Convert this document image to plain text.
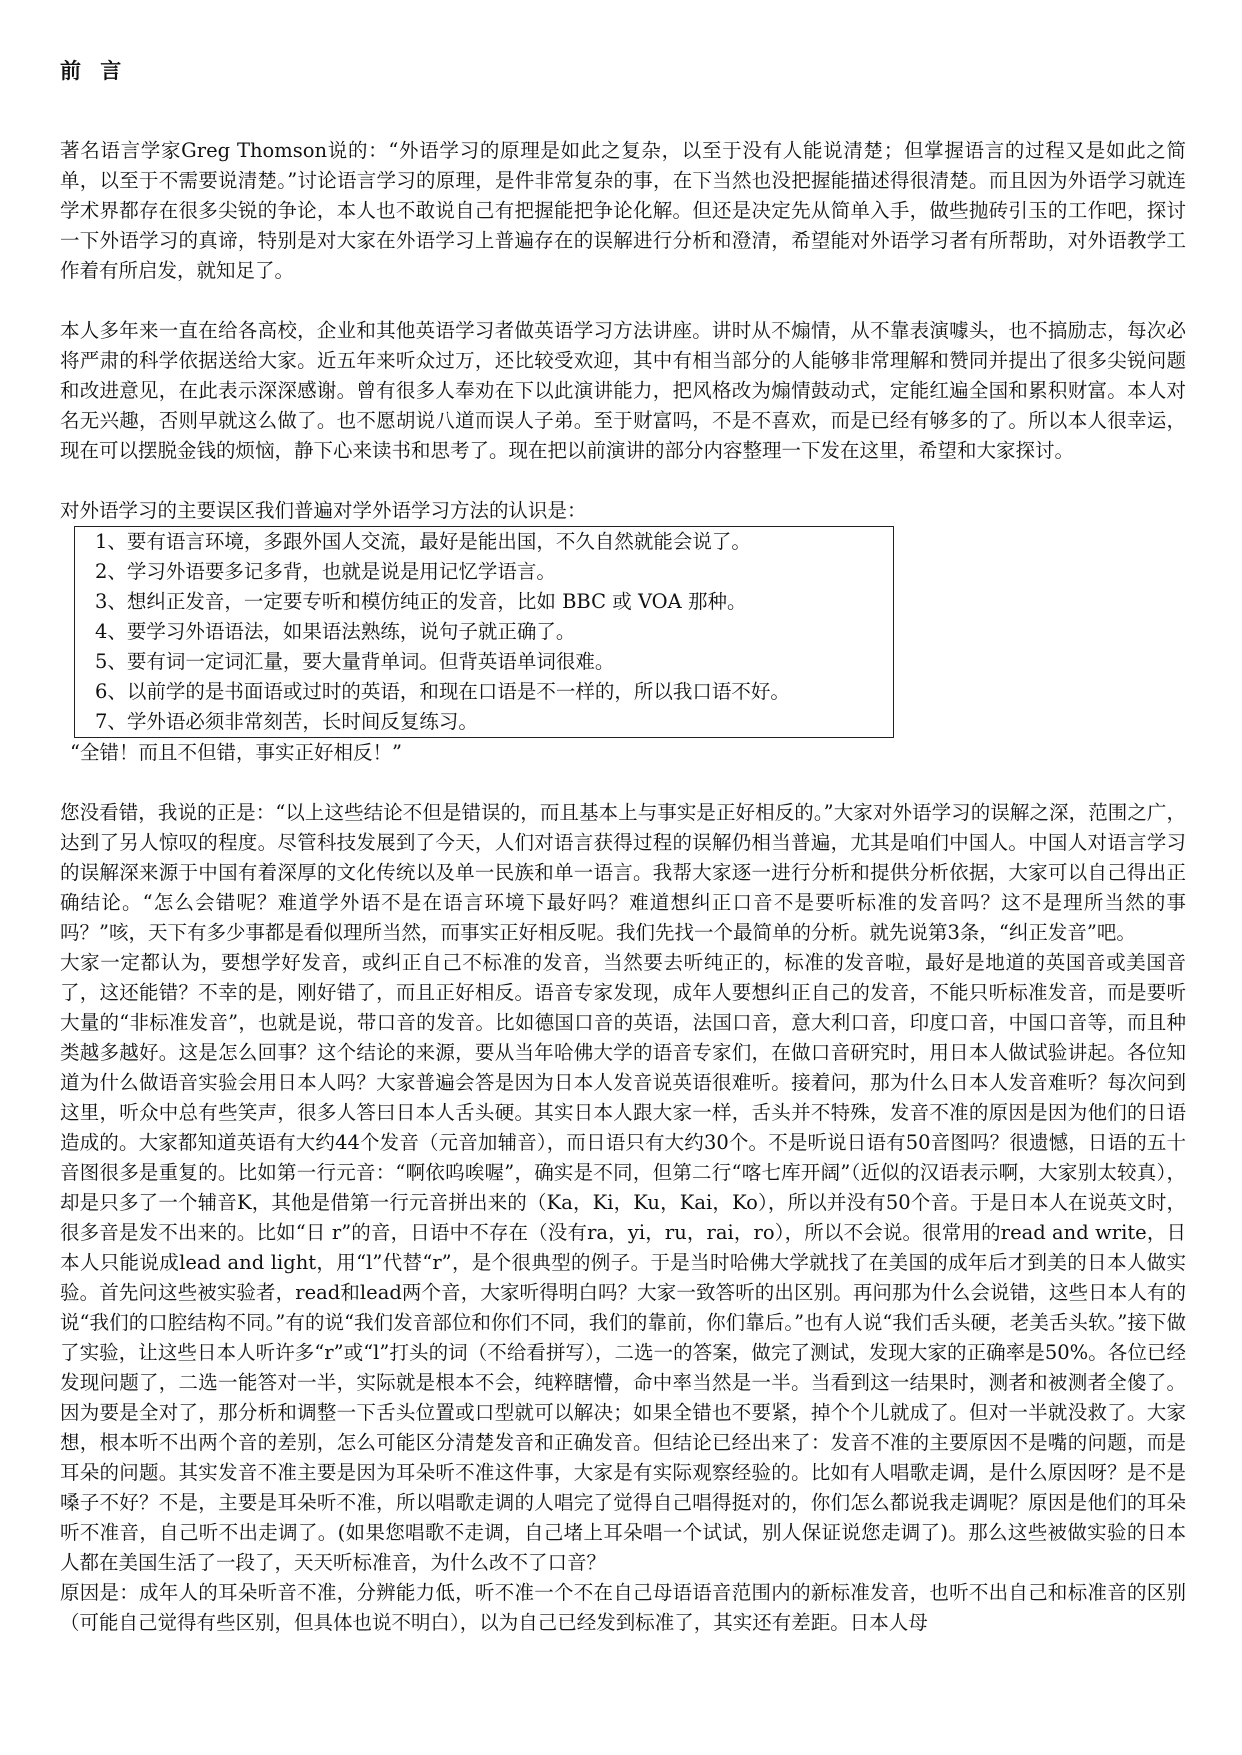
前 言

著名语言学家Greg Thomson说的：“外语学习的原理是如此之复杂，以至于没有人能说清楚；但掌握语言的过程又是如此之简单，以至于不需要说清楚。”讨论语言学习的原理，是件非常复杂的事，在下当然也没把握能描述得很清楚。而且因为外语学习就连学术界都存在很多尖锐的争论，本人也不敢说自己有把握能把争论化解。但还是决定先从简单入手，做些抛砖引玉的工作吧，探讨一下外语学习的真谛，特别是对大家在外语学习上普遍存在的误解进行分析和澄清，希望能对外语学习者有所帮助，对外语教学工作着有所启发，就知足了。

本人多年来一直在给各高校，企业和其他英语学习者做英语学习方法讲座。讲时从不煽情，从不靠表演噱头，也不搞励志，每次必将严肃的科学依据送给大家。近五年来听众过万，还比较受欢迎，其中有相当部分的人能够非常理解和赞同并提出了很多尖锐问题和改进意见，在此表示深深感谢。曾有很多人奉劝在下以此演讲能力，把风格改为煽情鼓动式，定能红遍全国和累积财富。本人对名无兴趣，否则早就这么做了。也不愿胡说八道而误人子弟。至于财富吗，不是不喜欢，而是已经有够多的了。所以本人很幸运，现在可以摆脱金钱的烦恼，静下心来读书和思考了。现在把以前演讲的部分内容整理一下发在这里，希望和大家探讨。

对外语学习的主要误区我们普遍对学外语学习方法的认识是：

1、要有语言环境，多跟外国人交流，最好是能出国，不久自然就能会说了。

2、学习外语要多记多背，也就是说是用记忆学语言。

3、想纠正发音，一定要专听和模仿纯正的发音，比如 BBC 或 VOA 那种。

4、要学习外语语法，如果语法熟练，说句子就正确了。

5、要有词一定词汇量，要大量背单词。但背英语单词很难。

6、以前学的是书面语或过时的英语，和现在口语是不一样的，所以我口语不好。

7、学外语必须非常刻苦，长时间反复练习。

“全错！而且不但错，事实正好相反！”

您没看错，我说的正是：“以上这些结论不但是错误的，而且基本上与事实是正好相反的。”大家对外语学习的误解之深，范围之广，达到了另人惊叹的程度。尽管科技发展到了今天，人们对语言获得过程的误解仍相当普遍，尤其是咱们中国人。中国人对语言学习的误解深来源于中国有着深厚的文化传统以及单一民族和单一语言。我帮大家逐一进行分析和提供分析依据，大家可以自己得出正确结论。“怎么会错呢？难道学外语不是在语言环境下最好吗？难道想纠正口音不是要听标准的发音吗？这不是理所当然的事吗？”咳，天下有多少事都是看似理所当然，而事实正好相反呢。我们先找一个最简单的分析。就先说第3条，“纠正发音”吧。

大家一定都认为，要想学好发音，或纠正自己不标准的发音，当然要去听纯正的，标准的发音啦，最好是地道的英国音或美国音了，这还能错？不幸的是，刚好错了，而且正好相反。语音专家发现，成年人要想纠正自己的发音，不能只听标准发音，而是要听大量的“非标准发音”，也就是说，带口音的发音。比如德国口音的英语，法国口音，意大利口音，印度口音，中国口音等，而且种类越多越好。这是怎么回事？这个结论的来源，要从当年哈佛大学的语音专家们，在做口音研究时，用日本人做试验讲起。各位知道为什么做语音实验会用日本人吗？大家普遍会答是因为日本人发音说英语很难听。接着问，那为什么日本人发音难听？每次问到这里，听众中总有些笑声，很多人答曰日本人舌头硬。其实日本人跟大家一样，舌头并不特殊，发音不准的原因是因为他们的日语造成的。大家都知道英语有大约44个发音（元音加辅音），而日语只有大约30个。不是听说日语有50音图吗？很遗憾，日语的五十音图很多是重复的。比如第一行元音：“啊依呜唉喔”，确实是不同，但第二行“喀七库开阔”（近似的汉语表示啊，大家别太较真），却是只多了一个辅音K，其他是借第一行元音拼出来的（Ka，Ki，Ku，Kai，Ko），所以并没有50个音。于是日本人在说英文时，很多音是发不出来的。比如“日 r”的音，日语中不存在（没有ra，yi，ru，rai，ro），所以不会说。很常用的read and write，日本人只能说成lead and light，用“l”代替“r”，是个很典型的例子。于是当时哈佛大学就找了在美国的成年后才到美的日本人做实验。首先问这些被实验者，read和lead两个音，大家听得明白吗？大家一致答听的出区别。再问那为什么会说错，这些日本人有的说“我们的口腔结构不同。”有的说“我们发音部位和你们不同，我们的靠前，你们靠后。”也有人说“我们舌头硬，老美舌头软。”接下做了实验，让这些日本人听许多“r”或“l”打头的词（不给看拼写），二选一的答案，做完了测试，发现大家的正确率是50%。各位已经发现问题了，二选一能答对一半，实际就是根本不会，纯粹瞎懵，命中率当然是一半。当看到这一结果时，测者和被测者全傻了。因为要是全对了，那分析和调整一下舌头位置或口型就可以解决；如果全错也不要紧，掉个个儿就成了。但对一半就没救了。大家想，根本听不出两个音的差别，怎么可能区分清楚发音和正确发音。但结论已经出来了：发音不准的主要原因不是嘴的问题，而是耳朵的问题。其实发音不准主要是因为耳朵听不准这件事，大家是有实际观察经验的。比如有人唱歌走调，是什么原因呀？是不是嗓子不好？不是，主要是耳朵听不准，所以唱歌走调的人唱完了觉得自己唱得挺对的，你们怎么都说我走调呢？原因是他们的耳朵听不准音，自己听不出走调了。(如果您唱歌不走调，自己堵上耳朵唱一个试试，别人保证说您走调了)。那么这些被做实验的日本人都在美国生活了一段了，天天听标准音，为什么改不了口音？

原因是：成年人的耳朵听音不准，分辨能力低，听不准一个不在自己母语语音范围内的新标准发音，也听不出自己和标准音的区别（可能自己觉得有些区别，但具体也说不明白），以为自己已经发到标准了，其实还有差距。日本人母
